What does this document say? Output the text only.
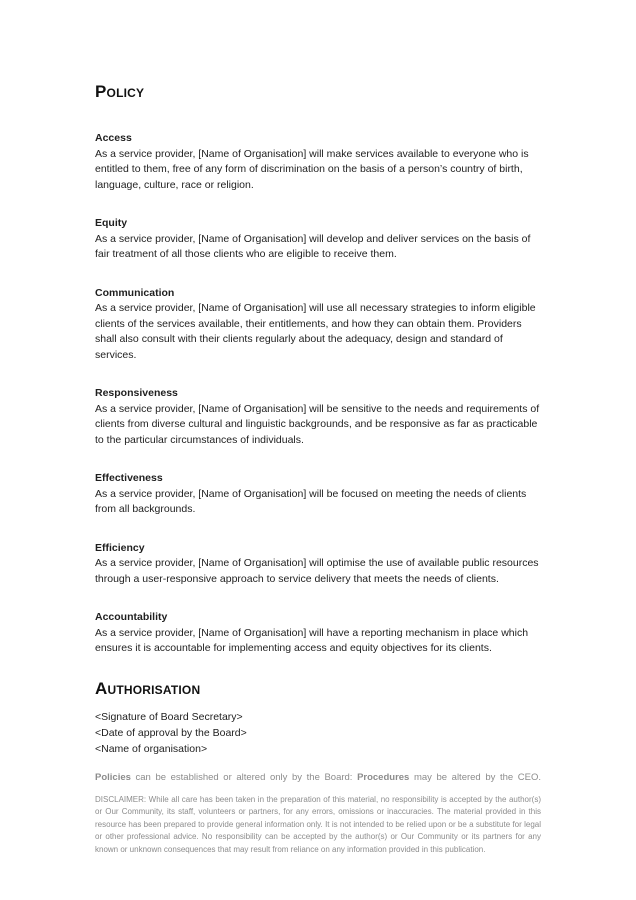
Policy
Access
As a service provider, [Name of Organisation] will make services available to everyone who is entitled to them, free of any form of discrimination on the basis of a person’s country of birth, language, culture, race or religion.
Equity
As a service provider, [Name of Organisation] will develop and deliver services on the basis of fair treatment of all those clients who are eligible to receive them.
Communication
As a service provider, [Name of Organisation] will use all necessary strategies to inform eligible clients of the services available, their entitlements, and how they can obtain them. Providers shall also consult with their clients regularly about the adequacy, design and standard of services.
Responsiveness
As a service provider, [Name of Organisation] will be sensitive to the needs and requirements of clients from diverse cultural and linguistic backgrounds, and be responsive as far as practicable to the particular circumstances of individuals.
Effectiveness
As a service provider, [Name of Organisation] will be focused on meeting the needs of clients from all backgrounds.
Efficiency
As a service provider, [Name of Organisation] will optimise the use of available public resources through a user-responsive approach to service delivery that meets the needs of clients.
Accountability
As a service provider, [Name of Organisation] will have a reporting mechanism in place which ensures it is accountable for implementing access and equity objectives for its clients.
Authorisation
<Signature of Board Secretary>
<Date of approval by the Board>
<Name of organisation>

Policies can be established or altered only by the Board: Procedures may be altered by the CEO.

DISCLAIMER: While all care has been taken in the preparation of this material, no responsibility is accepted by the author(s) or Our Community, its staff, volunteers or partners, for any errors, omissions or inaccuracies. The material provided in this resource has been prepared to provide general information only. It is not intended to be relied upon or be a substitute for legal or other professional advice. No responsibility can be accepted by the author(s) or Our Community or its partners for any known or unknown consequences that may result from reliance on any information provided in this publication.
